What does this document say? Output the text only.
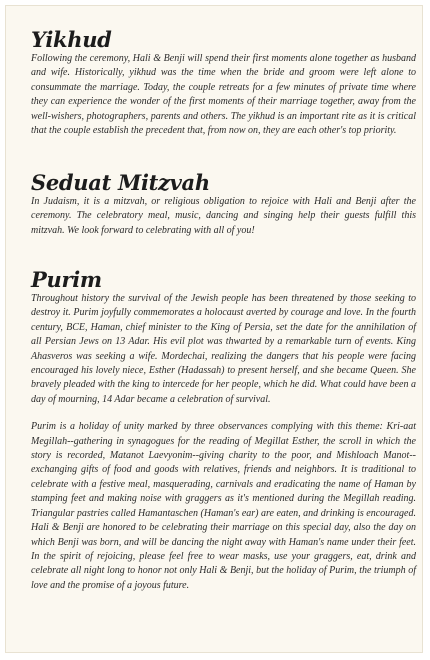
Yikhud

Following the ceremony, Hali & Benji will spend their first moments alone together as husband and wife. Historically, yikhud was the time when the bride and groom were left alone to consummate the marriage. Today, the couple retreats for a few minutes of private time where they can experience the wonder of the first moments of their marriage together, away from the well-wishers, photographers, parents and others. The yikhud is an important rite as it is critical that the couple establish the precedent that, from now on, they are each other's top priority.

Seduat Mitzvah

In Judaism, it is a mitzvah, or religious obligation to rejoice with Hali and Benji after the ceremony. The celebratory meal, music, dancing and singing help their guests fulfill this mitzvah. We look forward to celebrating with all of you!

Purim

Throughout history the survival of the Jewish people has been threatened by those seeking to destroy it. Purim joyfully commemorates a holocaust averted by courage and love. In the fourth century, BCE, Haman, chief minister to the King of Persia, set the date for the annihilation of all Persian Jews on 13 Adar. His evil plot was thwarted by a remarkable turn of events. King Ahasveros was seeking a wife. Mordechai, realizing the dangers that his people were facing encouraged his lovely niece, Esther (Hadassah) to present herself, and she became Queen. She bravely pleaded with the king to intercede for her people, which he did. What could have been a day of mourning, 14 Adar became a celebration of survival.

Purim is a holiday of unity marked by three observances complying with this theme: Kri-aat Megillah--gathering in synagogues for the reading of Megillat Esther, the scroll in which the story is recorded, Matanot Laevyonim--giving charity to the poor, and Mishloach Manot--exchanging gifts of food and goods with relatives, friends and neighbors. It is traditional to celebrate with a festive meal, masquerading, carnivals and eradicating the name of Haman by stamping feet and making noise with graggers as it's mentioned during the Megillah reading. Triangular pastries called Hamantaschen (Haman's ear) are eaten, and drinking is encouraged. Hali & Benji are honored to be celebrating their marriage on this special day, also the day on which Benji was born, and will be dancing the night away with Haman's name under their feet. In the spirit of rejoicing, please feel free to wear masks, use your graggers, eat, drink and celebrate all night long to honor not only Hali & Benji, but the holiday of Purim, the triumph of love and the promise of a joyous future.
